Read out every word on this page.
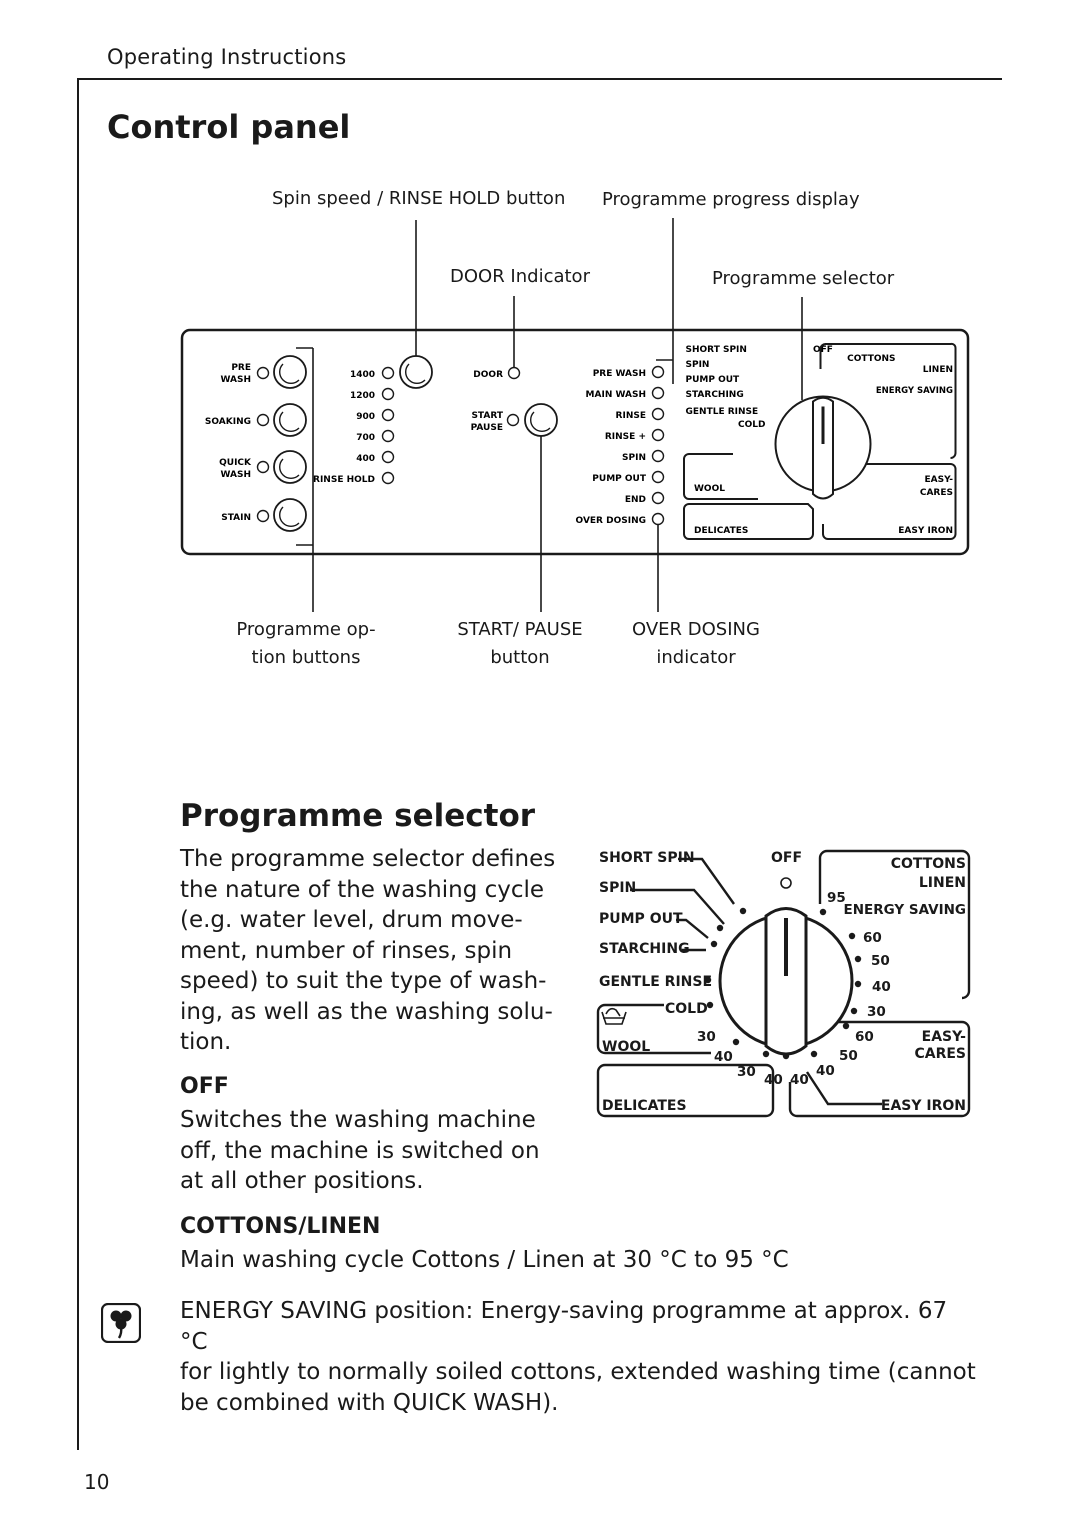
Operating Instructions
Control panel
Spin speed / RINSE HOLD button Programme progress display
DOOR Indicator	Programme selector
Programme op-
tion buttons
START/ PAUSE
button
OVER DOSING
indicator
PRE
WASH
SOAKING
QUICK
WASH
STAIN
1400
1200
900
700
400
RINSE HOLD
DOOR
START
PAUSE
PRE WASH
MAIN WASH
RINSE
RINSE +
SPIN
PUMP OUT
END
OVER DOSING
SHORT SPIN
SPIN
PUMP OUT
STARCHING
GENTLE RINSE
COLD
OFF
COTTONS
LINEN
ENERGY SAVING
EASY-
CARES
WOOL
DELICATES	EASY IRON
Programme selector
The programme selector defines
the nature of the washing cycle
(e.g. water level, drum move-
ment, number of rinses, spin
speed) to suit the type of wash-
ing, as well as the washing solu-
tion.
OFF
Switches the washing machine
off, the machine is switched on
at all other positions.
COTTONS/LINEN
Main washing cycle Cottons / Linen at 30 °C to 95 °C
ENERGY SAVING position: Energy-saving programme at approx. 67 °C
for lightly to normally soiled cottons, extended washing time (cannot
be combined with QUICK WASH).
SHORT SPIN
SPIN
PUMP OUT
STARCHING
GENTLE RINSE
COLD
OFF	COTTONS
LINEN
ENERGY SAVING
EASY-
CARES
WOOL
DELICATES	EASY IRON
95
60
50
40
30
60
50
40
40
40
30
40
30
10
